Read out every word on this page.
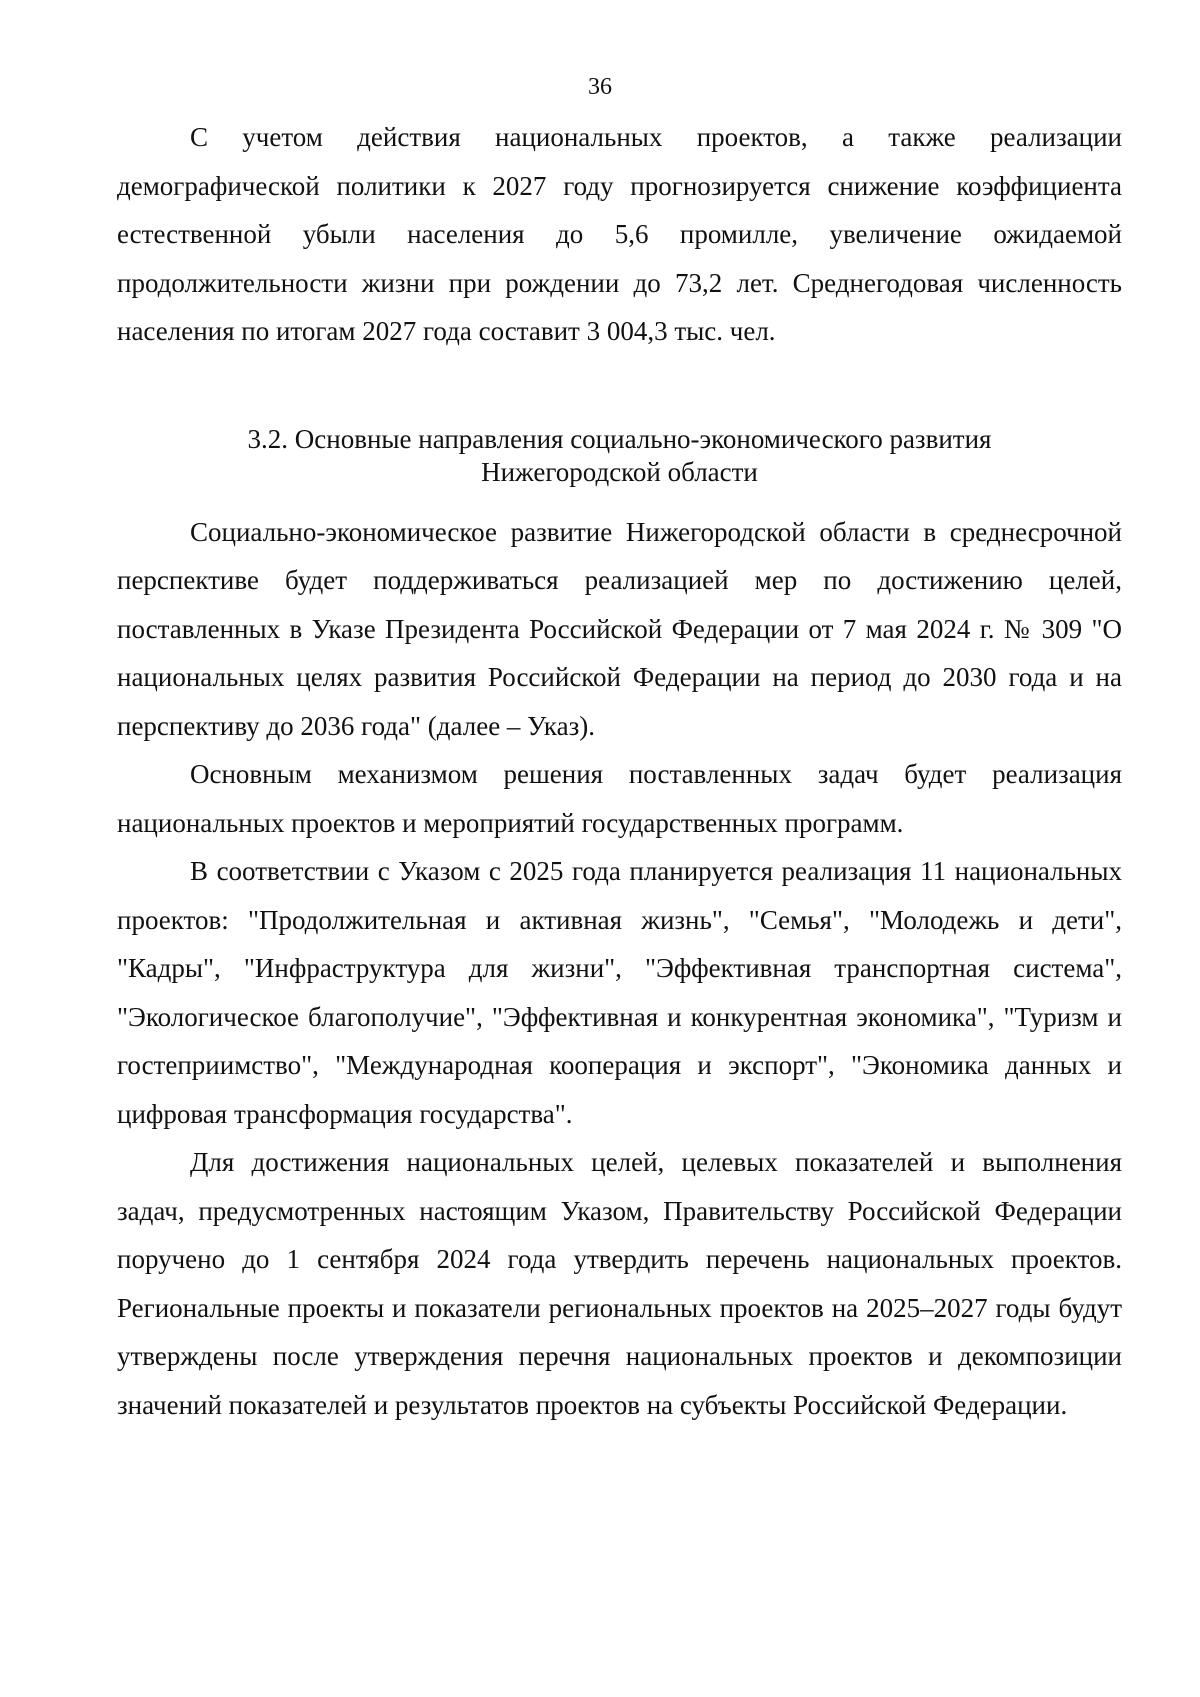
36

С учетом действия национальных проектов, а также реализации демографической политики к 2027 году прогнозируется снижение коэффициента естественной убыли населения до 5,6 промилле, увеличение ожидаемой продолжительности жизни при рождении до 73,2 лет. Среднегодовая численность населения по итогам 2027 года составит 3 004,3 тыс. чел.

3.2. Основные направления социально-экономического развития
Нижегородской области

Социально-экономическое развитие Нижегородской области в среднесрочной перспективе будет поддерживаться реализацией мер по достижению целей, поставленных в Указе Президента Российской Федерации от 7 мая 2024 г. № 309 "О национальных целях развития Российской Федерации на период до 2030 года и на перспективу до 2036 года" (далее – Указ).

Основным механизмом решения поставленных задач будет реализация национальных проектов и мероприятий государственных программ.

В соответствии с Указом с 2025 года планируется реализация 11 национальных проектов: "Продолжительная и активная жизнь", "Семья", "Молодежь и дети", "Кадры", "Инфраструктура для жизни", "Эффективная транспортная система", "Экологическое благополучие", "Эффективная и конкурентная экономика", "Туризм и гостеприимство", "Международная кооперация и экспорт", "Экономика данных и цифровая трансформация государства".

Для достижения национальных целей, целевых показателей и выполнения задач, предусмотренных настоящим Указом, Правительству Российской Федерации поручено до 1 сентября 2024 года утвердить перечень национальных проектов. Региональные проекты и показатели региональных проектов на 2025–2027 годы будут утверждены после утверждения перечня национальных проектов и декомпозиции значений показателей и результатов проектов на субъекты Российской Федерации.
